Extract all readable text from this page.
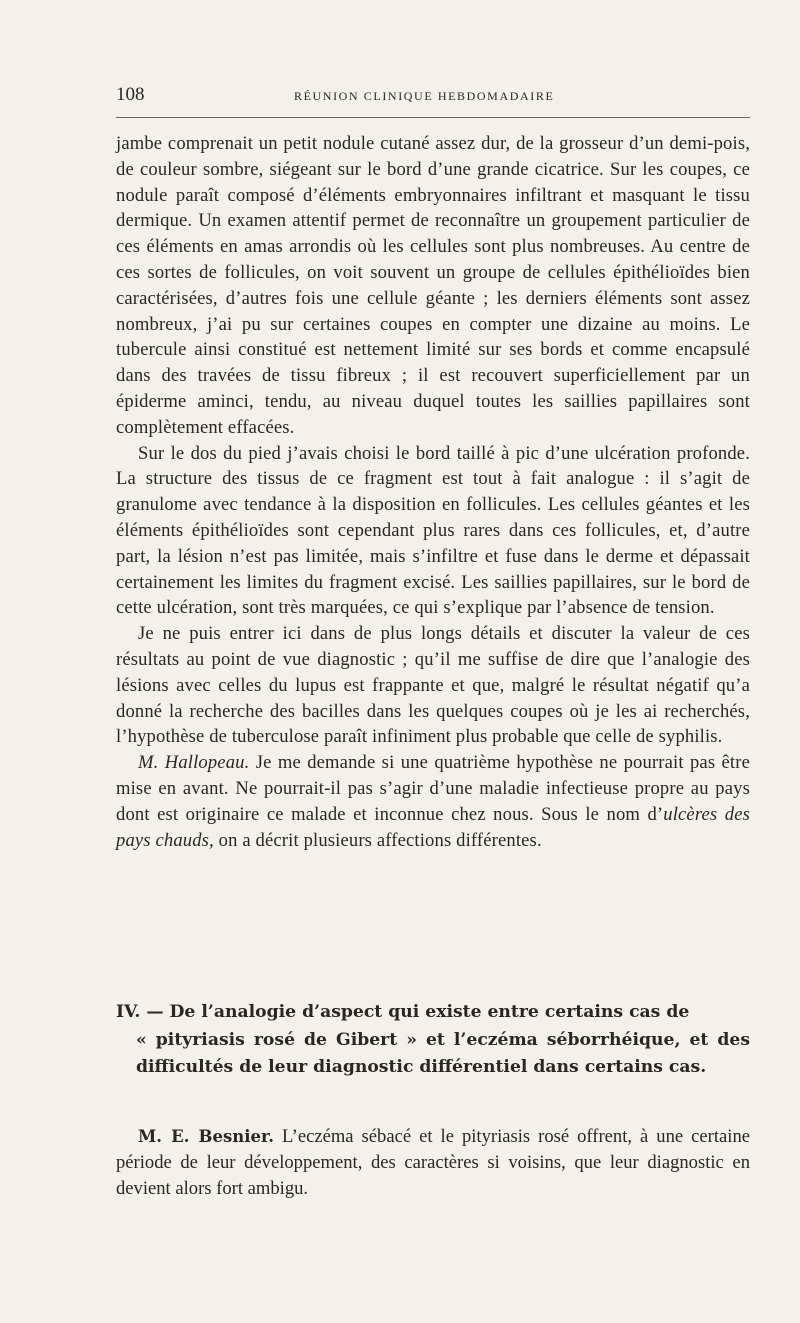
108	RÉUNION CLINIQUE HEBDOMADAIRE

jambe comprenait un petit nodule cutané assez dur, de la grosseur d’un demi-pois, de couleur sombre, siégeant sur le bord d’une grande cicatrice. Sur les coupes, ce nodule paraît composé d’éléments embryonnaires infiltrant et masquant le tissu dermique. Un examen attentif permet de reconnaître un groupement particulier de ces éléments en amas arrondis où les cellules sont plus nombreuses. Au centre de ces sortes de follicules, on voit souvent un groupe de cellules épithélioïdes bien caractérisées, d’autres fois une cellule géante ; les derniers éléments sont assez nombreux, j’ai pu sur certaines coupes en compter une dizaine au moins. Le tubercule ainsi constitué est nettement limité sur ses bords et comme encapsulé dans des travées de tissu fibreux ; il est recouvert superficiellement par un épiderme aminci, tendu, au niveau duquel toutes les saillies papillaires sont complètement effacées.

Sur le dos du pied j’avais choisi le bord taillé à pic d’une ulcération profonde. La structure des tissus de ce fragment est tout à fait analogue : il s’agit de granulome avec tendance à la disposition en follicules. Les cellules géantes et les éléments épithélioïdes sont cependant plus rares dans ces follicules, et, d’autre part, la lésion n’est pas limitée, mais s’infiltre et fuse dans le derme et dépassait certainement les limites du fragment excisé. Les saillies papillaires, sur le bord de cette ulcération, sont très marquées, ce qui s’explique par l’absence de tension.

Je ne puis entrer ici dans de plus longs détails et discuter la valeur de ces résultats au point de vue diagnostic ; qu’il me suffise de dire que l’analogie des lésions avec celles du lupus est frappante et que, malgré le résultat négatif qu’a donné la recherche des bacilles dans les quelques coupes où je les ai recherchés, l’hypothèse de tuberculose paraît infiniment plus probable que celle de syphilis.

M. Hallopeau. Je me demande si une quatrième hypothèse ne pourrait pas être mise en avant. Ne pourrait-il pas s’agir d’une maladie infectieuse propre au pays dont est originaire ce malade et inconnue chez nous. Sous le nom d’ulcères des pays chauds, on a décrit plusieurs affections différentes.

IV. — De l’analogie d’aspect qui existe entre certains cas de
« pityriasis rosé de Gibert » et l’eczéma séborrhéique, et des difficultés de leur diagnostic différentiel dans certains cas.

M. E. Besnier. L’eczéma sébacé et le pityriasis rosé offrent, à une certaine période de leur développement, des caractères si voisins, que leur diagnostic en devient alors fort ambigu.
